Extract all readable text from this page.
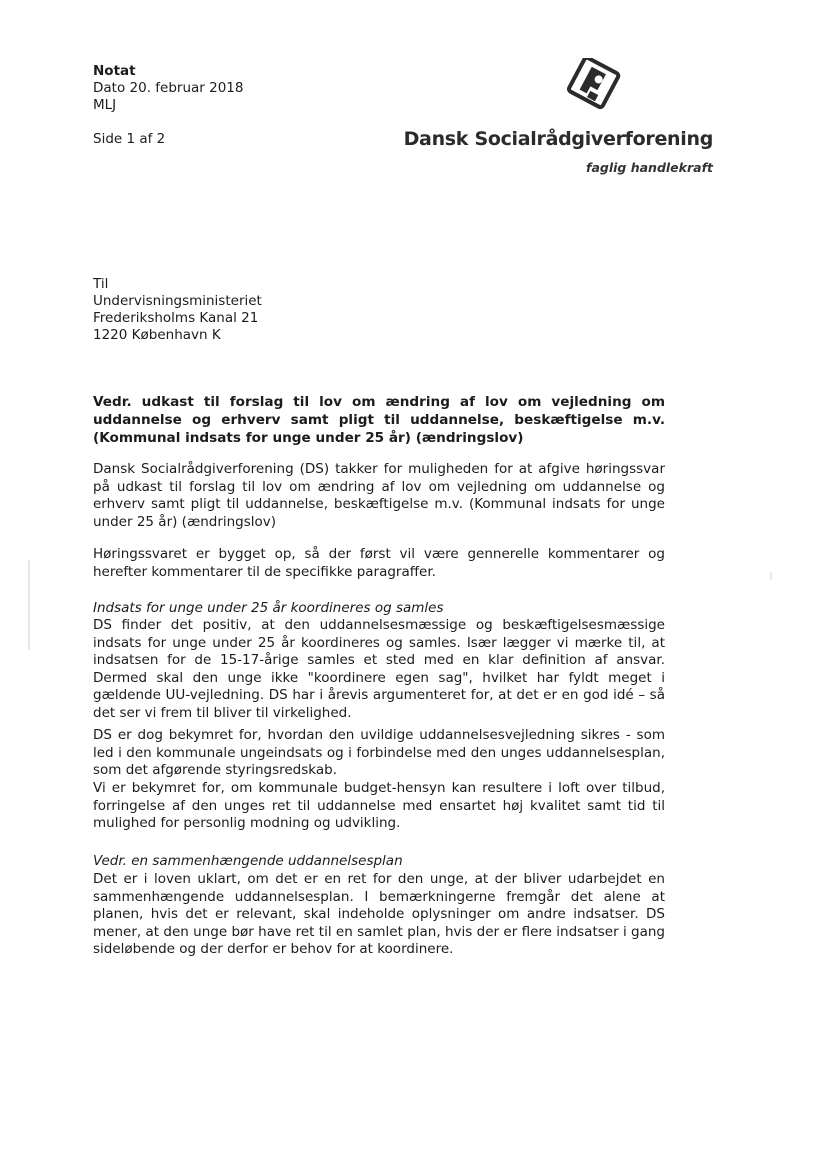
Notat
Dato 20. februar 2018
MLJ
Side 1 af 2	Dansk Socialrådgiverforening
faglig handlekraft
Til
Undervisningsministeriet
Frederiksholms Kanal 21
1220 København K
Vedr. udkast til forslag til lov om ændring af lov om vejledning om uddannelse og erhverv samt pligt til uddannelse, beskæftigelse m.v. (Kommunal indsats for unge under 25 år) (ændringslov)

Dansk Socialrådgiverforening (DS) takker for muligheden for at afgive høringssvar på udkast til forslag til lov om ændring af lov om vejledning om uddannelse og erhverv samt pligt til uddannelse, beskæftigelse m.v. (Kommunal indsats for unge under 25 år) (ændringslov)

Høringssvaret er bygget op, så der først vil være gennerelle kommentarer og herefter kommentarer til de specifikke paragraffer.

Indsats for unge under 25 år koordineres og samles

DS finder det positiv, at den uddannelsesmæssige og beskæftigelsesmæssige indsats for unge under 25 år koordineres og samles. Især lægger vi mærke til, at indsatsen for de 15-17-årige samles et sted med en klar definition af ansvar. Dermed skal den unge ikke "koordinere egen sag", hvilket har fyldt meget i gældende UU-vejledning. DS har i årevis argumenteret for, at det er en god idé – så det ser vi frem til bliver til virkelighed.

DS er dog bekymret for, hvordan den uvildige uddannelsesvejledning sikres - som led i den kommunale ungeindsats og i forbindelse med den unges uddannelsesplan, som det afgørende styringsredskab.

Vi er bekymret for, om kommunale budget-hensyn kan resultere i loft over tilbud, forringelse af den unges ret til uddannelse med ensartet høj kvalitet samt tid til mulighed for personlig modning og udvikling.

Vedr. en sammenhængende uddannelsesplan

Det er i loven uklart, om det er en ret for den unge, at der bliver udarbejdet en sammenhængende uddannelsesplan. I bemærkningerne fremgår det alene at planen, hvis det er relevant, skal indeholde oplysninger om andre indsatser. DS mener, at den unge bør have ret til en samlet plan, hvis der er flere indsatser i gang sideløbende og der derfor er behov for at koordinere.
